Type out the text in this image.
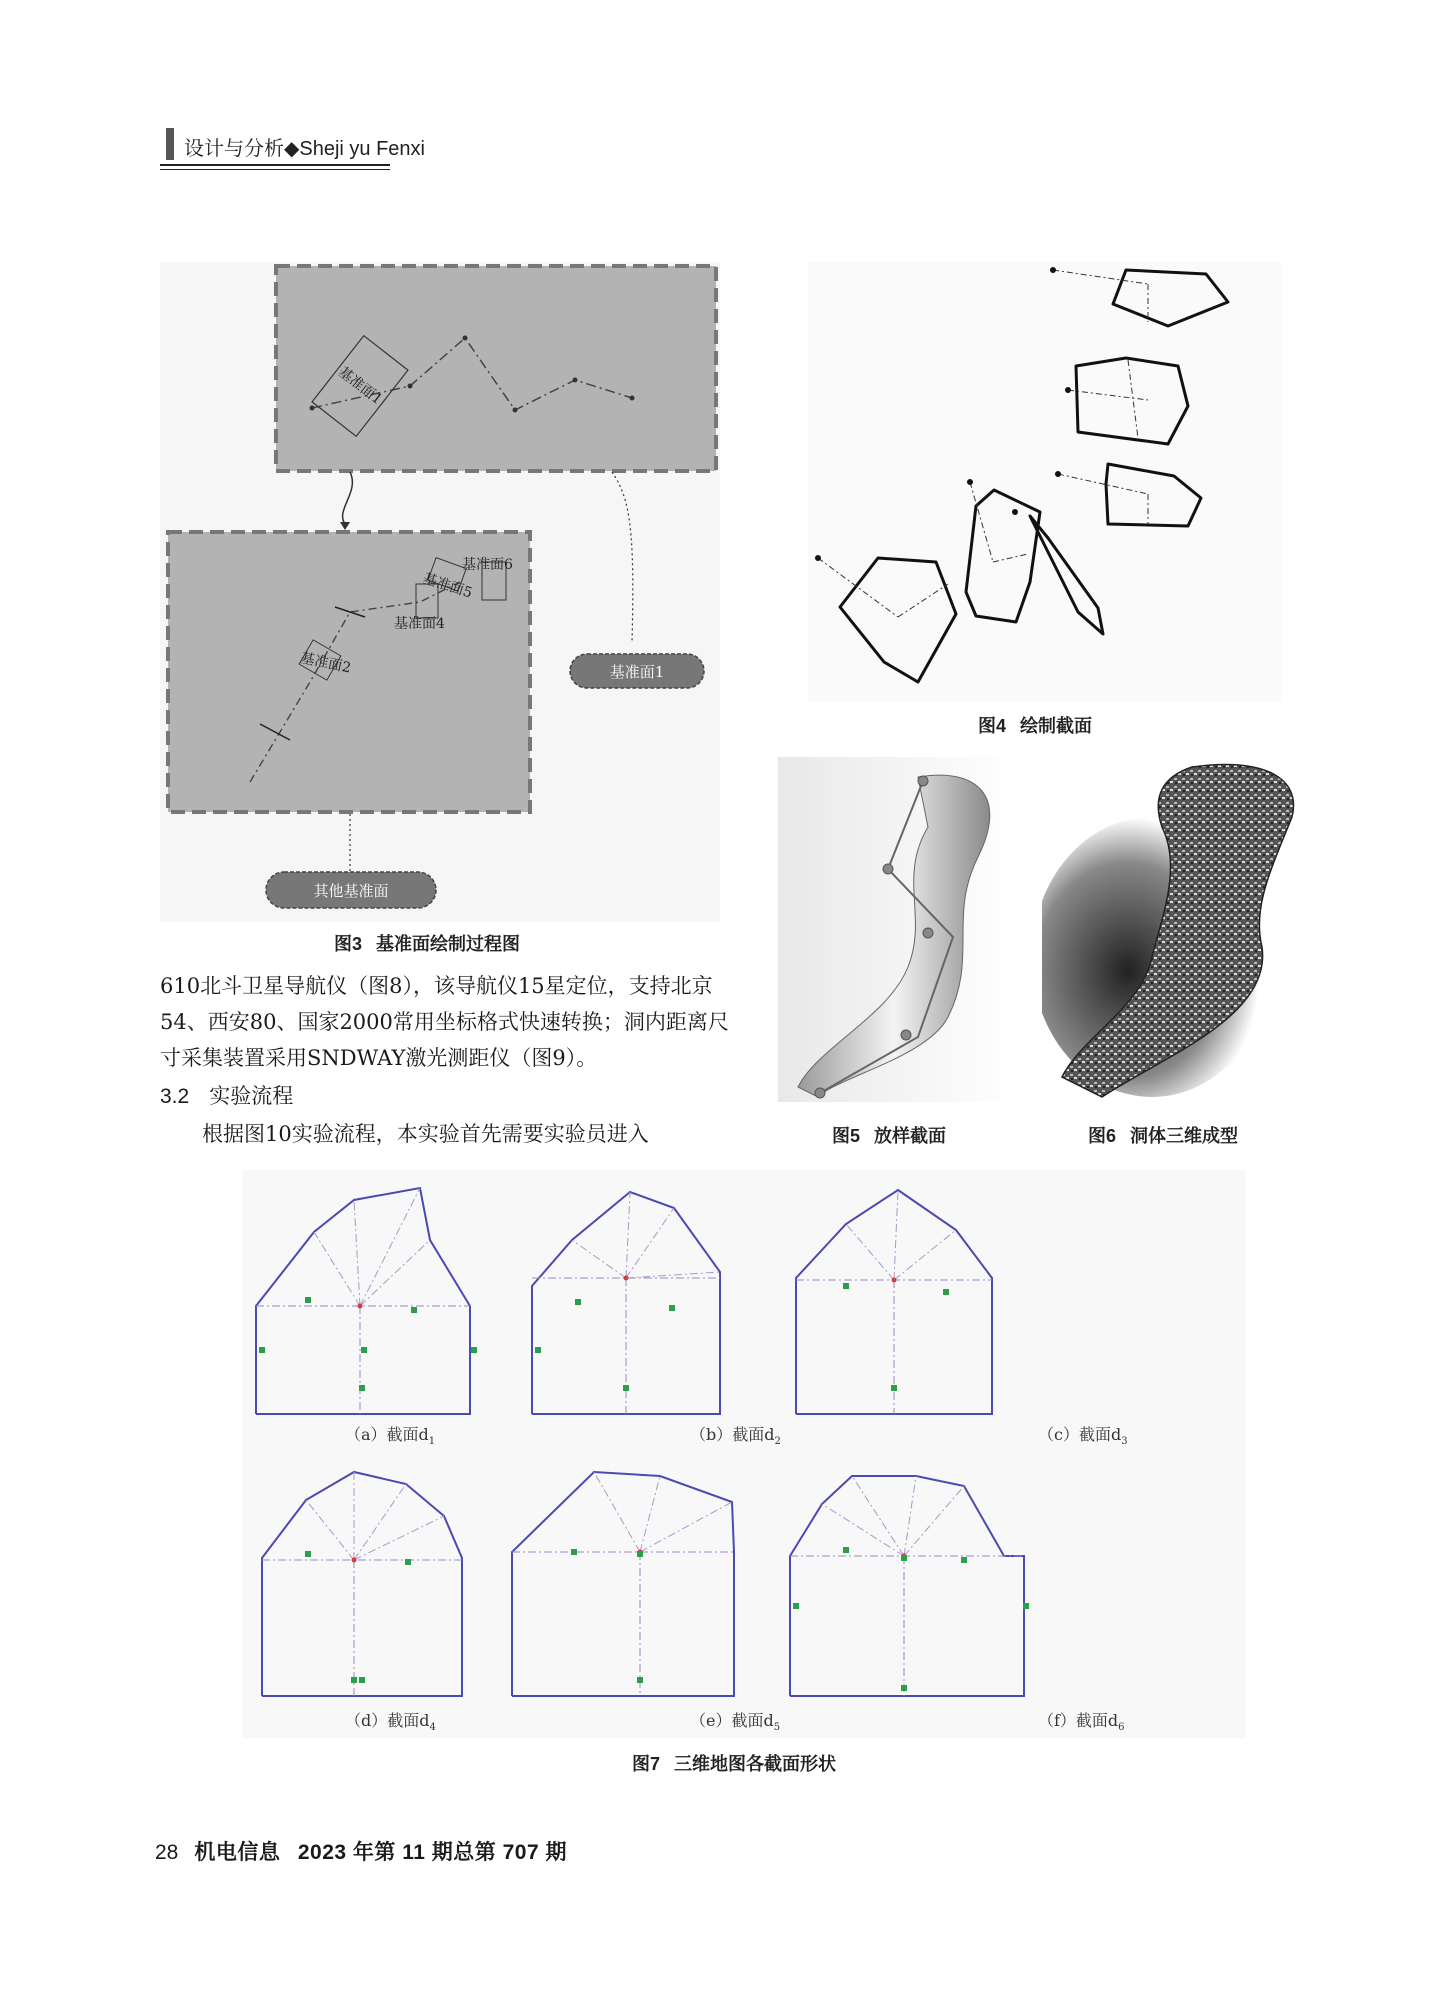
设计与分析◆Sheji yu Fenxi
基准面1
基准面2
基准面4
基准面5
基准面6
基准面1
其他基准面
图3 基准面绘制过程图
图4 绘制截面
图5 放样截面	图6 洞体三维成型

610北斗卫星导航仪（图8），该导航仪15星定位，支持北京54、西安80、国家2000常用坐标格式快速转换；洞内距离尺寸采集装置采用SNDWAY激光测距仪（图9）。

3.2 实验流程

根据图10实验流程，本实验首先需要实验员进入

（a）截面$d_1$	（b）截面$d_2$	（c）截面$d_3$
（d）截面$d_4$	（e）截面$d_5$	（f）截面$d_6$
图7 三维地图各截面形状
28 机电信息 2023 年第 11 期总第 707 期
